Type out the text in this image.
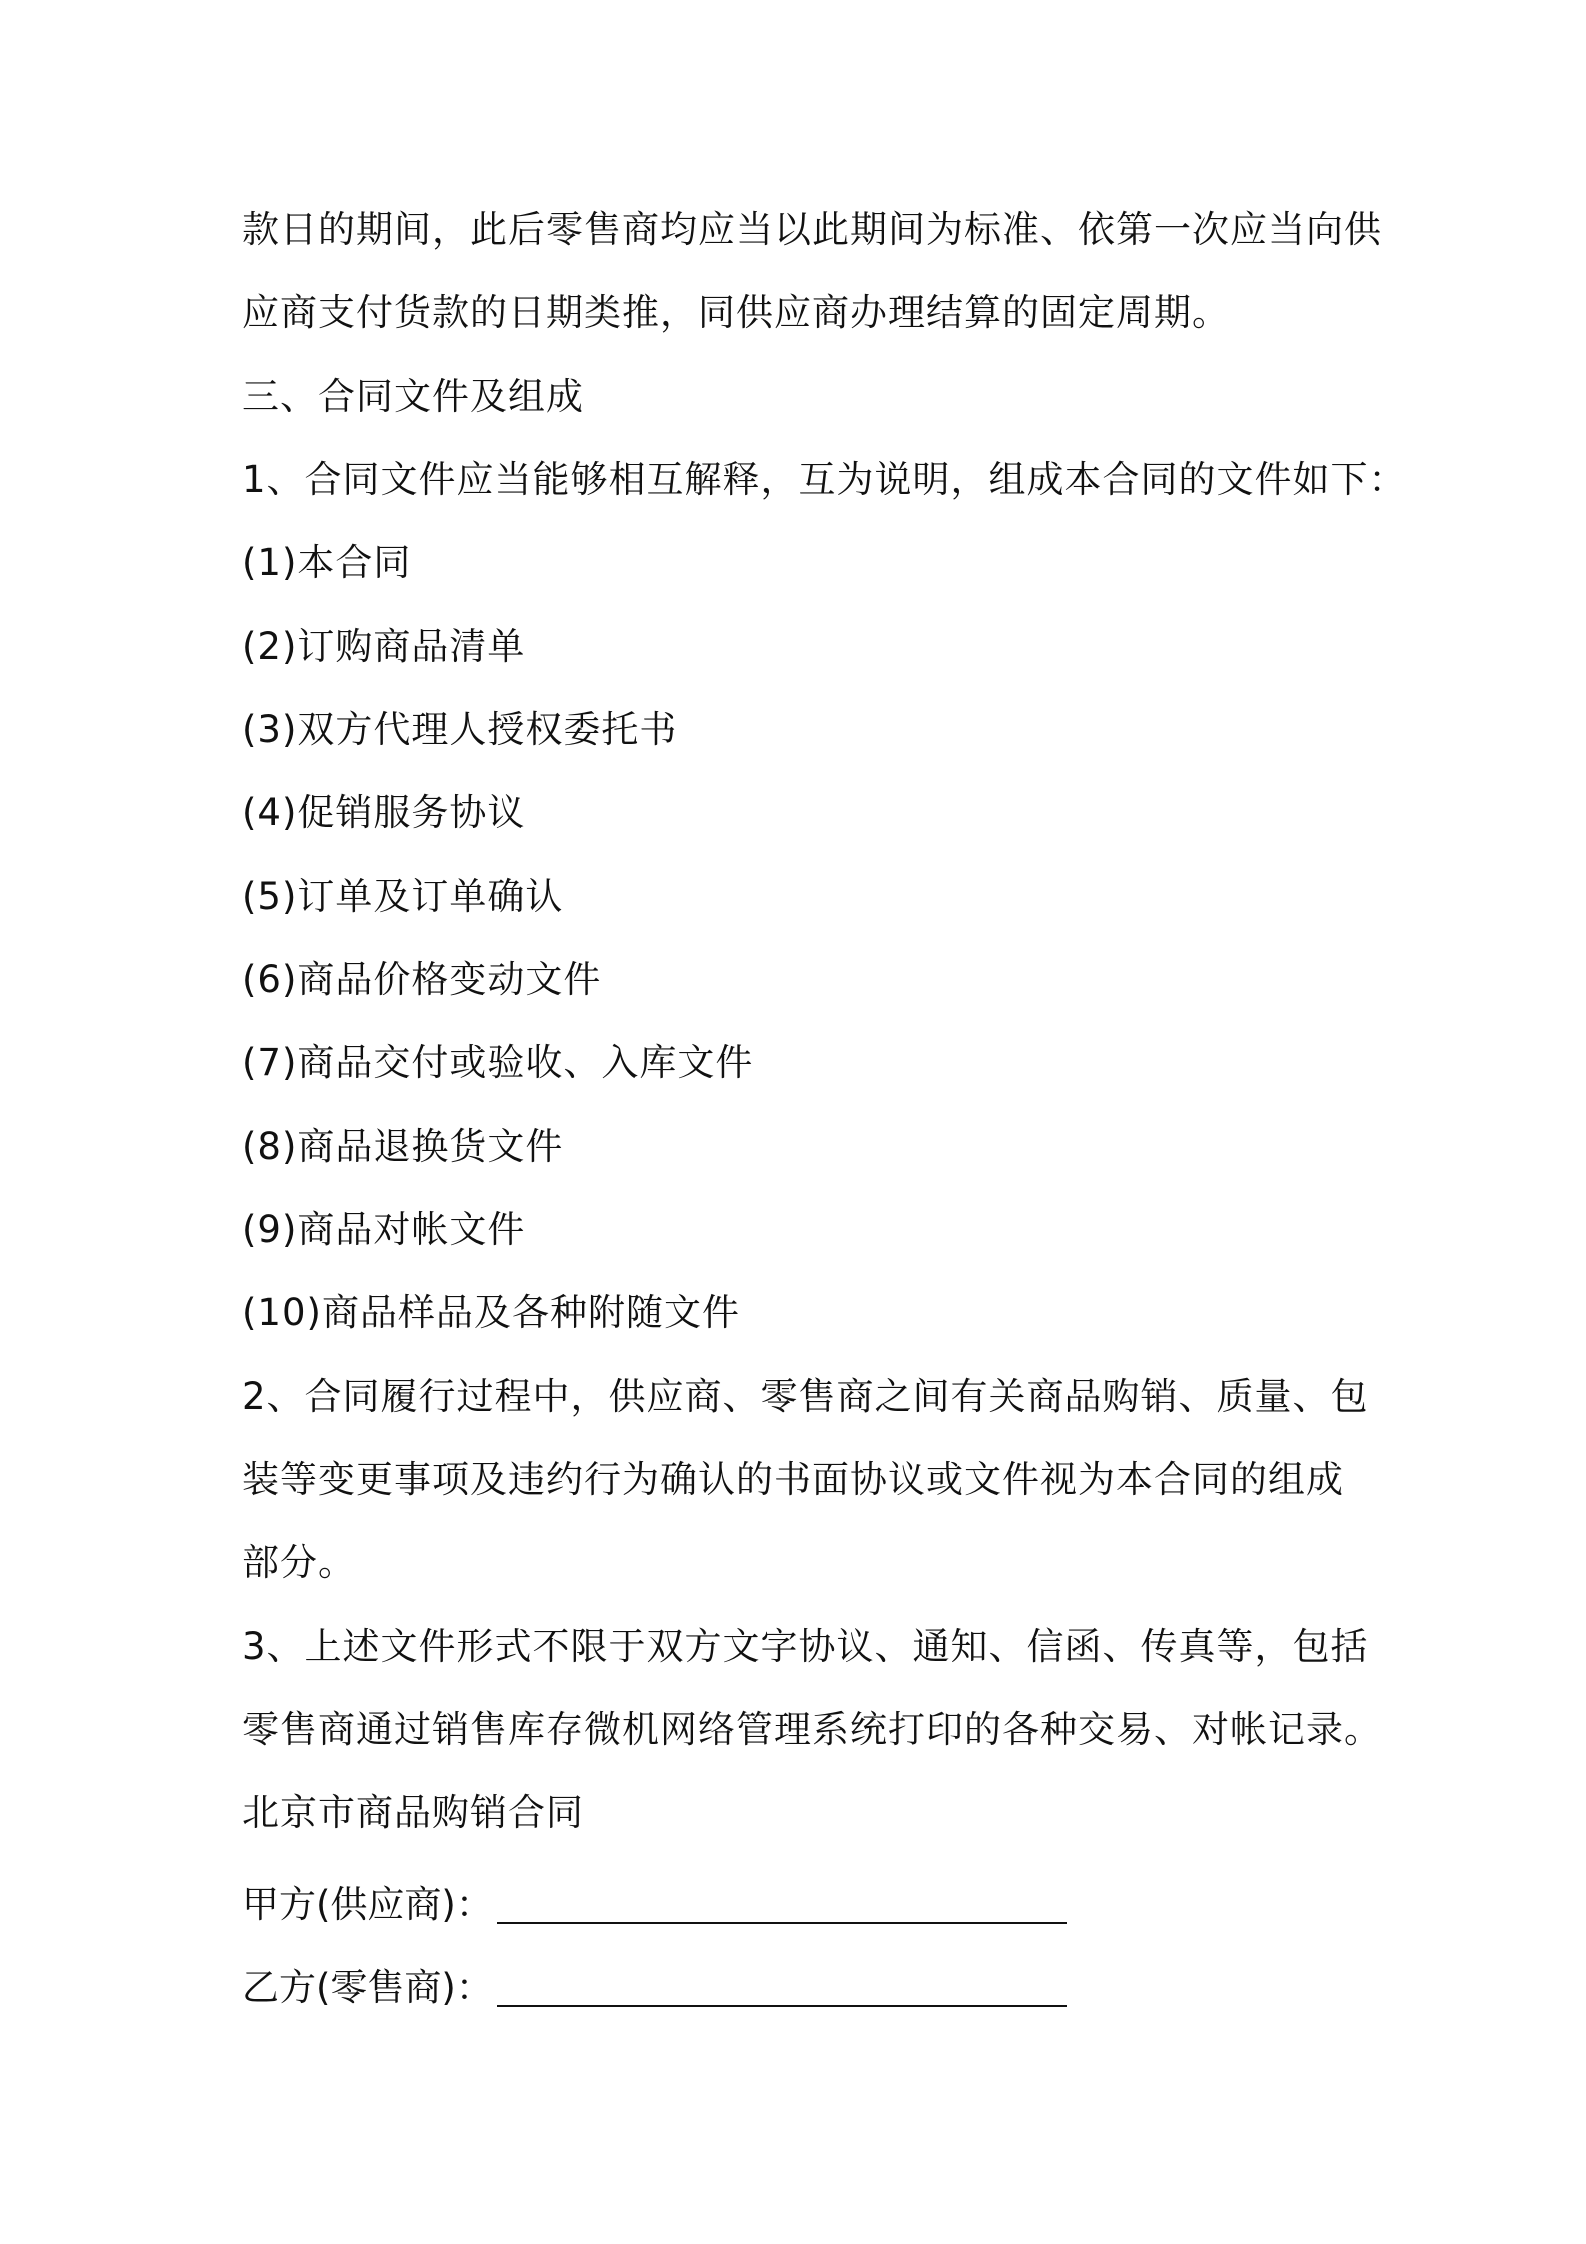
款日的期间，此后零售商均应当以此期间为标准、依第一次应当向供
应商支付货款的日期类推，同供应商办理结算的固定周期。
三、合同文件及组成
1、合同文件应当能够相互解释，互为说明，组成本合同的文件如下：
(1)本合同
(2)订购商品清单
(3)双方代理人授权委托书
(4)促销服务协议
(5)订单及订单确认
(6)商品价格变动文件
(7)商品交付或验收、入库文件
(8)商品退换货文件
(9)商品对帐文件
(10)商品样品及各种附随文件
2、合同履行过程中，供应商、零售商之间有关商品购销、质量、包
装等变更事项及违约行为确认的书面协议或文件视为本合同的组成
部分。
3、上述文件形式不限于双方文字协议、通知、信函、传真等，包括
零售商通过销售库存微机网络管理系统打印的各种交易、对帐记录。
北京市商品购销合同
甲方(供应商)：
乙方(零售商)：
